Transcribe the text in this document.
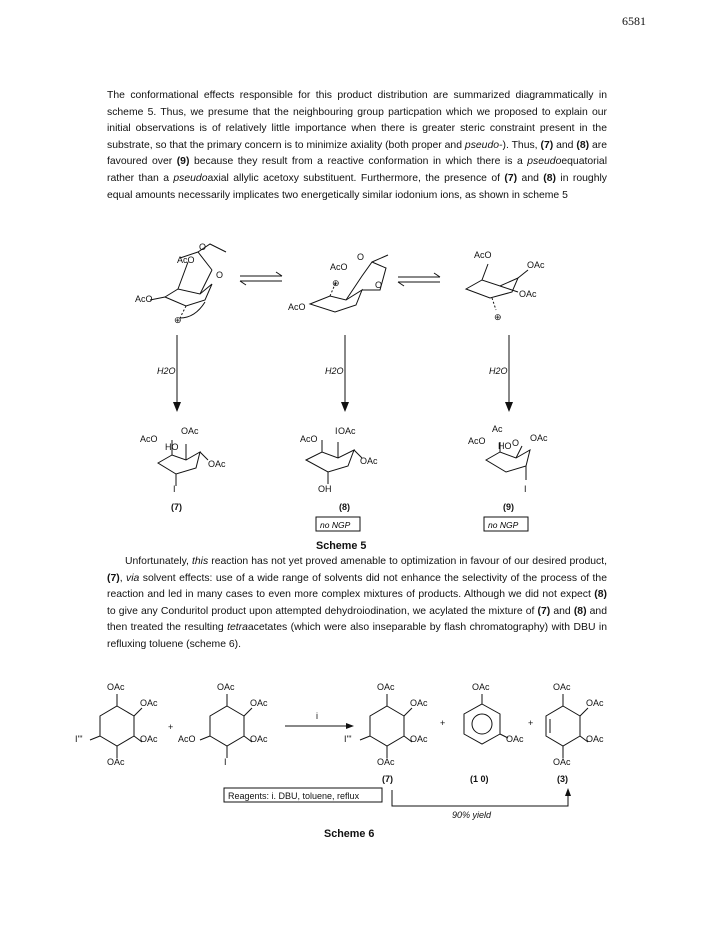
6581
The conformational effects responsible for this product distribution are summarized diagrammatically in scheme 5. Thus, we presume that the neighbouring group particpation which we proposed to explain our initial observations is of relatively little importance when there is greater steric constraint present in the substrate, so that the primary concern is to minimize axiality (both proper and pseudo-). Thus, (7) and (8) are favoured over (9) because they result from a reactive conformation in which there is a pseudoequatorial rather than a pseudoaxial allylic acetoxy substituent. Furthermore, the presence of (7) and (8) in roughly equal amounts necessarily implicates two energetically similar iodonium ions, as shown in scheme 5
AcO
O
O
AcO
⊕
AcO
O
O
⊕
AcO
AcO
OAc
OAc
⊕
H2O	H2O	H2O
AcO
HO
OAc
OAc
I
AcO
I OAc
OAc
OH
Ac
AcO HO O OAc
I
(7)	(8)	(9)
no NGP	no NGP
Scheme 5
Unfortunately, this reaction has not yet proved amenable to optimization in favour of our desired product, (7), via solvent effects: use of a wide range of solvents did not enhance the selectivity of the process of the reaction and led in many cases to even more complex mixtures of products. Although we did not expect (8) to give any Conduritol product upon attempted dehydroiodination, we acylated the mixture of (7) and (8) and then treated the resulting tetraacetates (which were also inseparable by flash chromatography) with DBU in refluxing toluene (scheme 6).
OAc
OAc
OAc
OAc
I'''
+
OAc
OAc
OAc
I
AcO
i
OAc
OAc
OAc
OAc
I'''
+
OAc
OAc
+
OAc
OAc
OAc
OAc
(7)	(1 0)	(3)
Reagents: i. DBU, toluene, reflux
90% yield
Scheme 6
